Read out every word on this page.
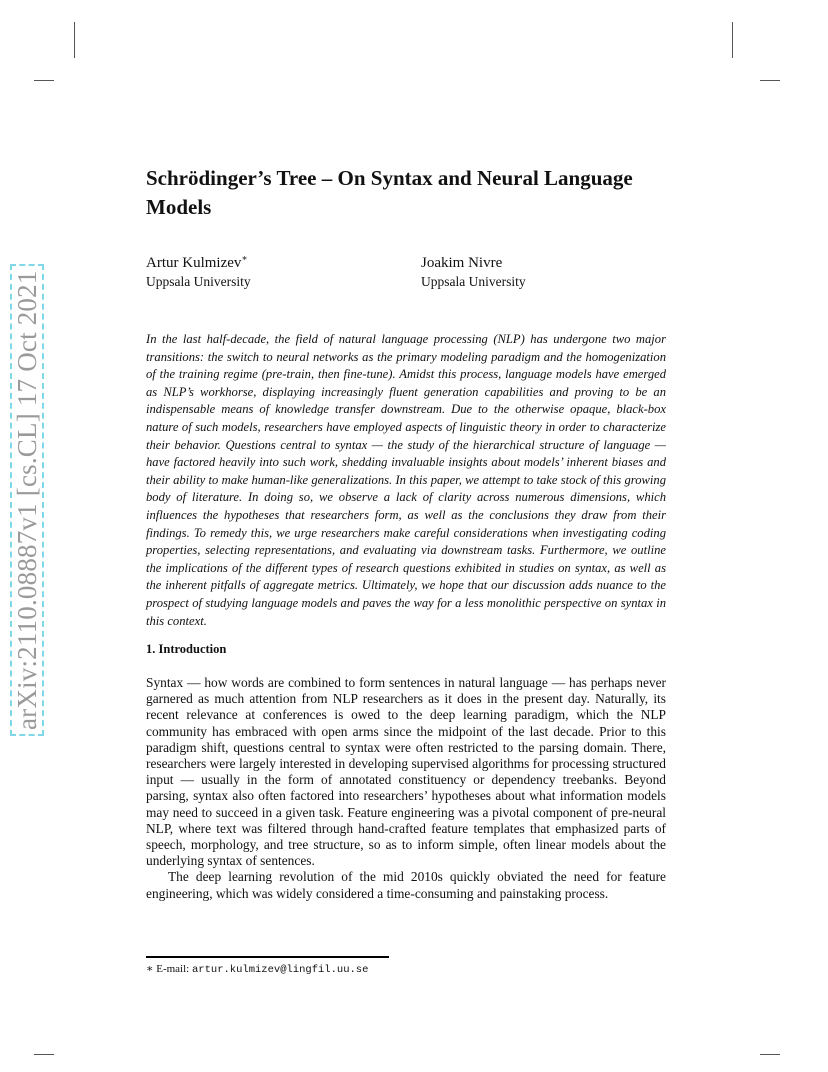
arXiv:2110.08887v1 [cs.CL] 17 Oct 2021
Schrödinger’s Tree – On Syntax and Neural Language Models
Artur Kulmizev∗
Uppsala University
Joakim Nivre
Uppsala University

In the last half-decade, the field of natural language processing (NLP) has undergone two major transitions: the switch to neural networks as the primary modeling paradigm and the homogenization of the training regime (pre-train, then fine-tune). Amidst this process, language models have emerged as NLP’s workhorse, displaying increasingly fluent generation capabilities and proving to be an indispensable means of knowledge transfer downstream. Due to the otherwise opaque, black-box nature of such models, researchers have employed aspects of linguistic theory in order to characterize their behavior. Questions central to syntax — the study of the hierarchical structure of language — have factored heavily into such work, shedding invaluable insights about models’ inherent biases and their ability to make human-like generalizations. In this paper, we attempt to take stock of this growing body of literature. In doing so, we observe a lack of clarity across numerous dimensions, which influences the hypotheses that researchers form, as well as the conclusions they draw from their findings. To remedy this, we urge researchers make careful considerations when investigating coding properties, selecting representations, and evaluating via downstream tasks. Furthermore, we outline the implications of the different types of research questions exhibited in studies on syntax, as well as the inherent pitfalls of aggregate metrics. Ultimately, we hope that our discussion adds nuance to the prospect of studying language models and paves the way for a less monolithic perspective on syntax in this context.

1. Introduction

Syntax — how words are combined to form sentences in natural language — has perhaps never garnered as much attention from NLP researchers as it does in the present day. Naturally, its recent relevance at conferences is owed to the deep learning paradigm, which the NLP community has embraced with open arms since the midpoint of the last decade. Prior to this paradigm shift, questions central to syntax were often restricted to the parsing domain. There, researchers were largely interested in developing supervised algorithms for processing structured input — usually in the form of annotated constituency or dependency treebanks. Beyond parsing, syntax also often factored into researchers’ hypotheses about what information models may need to succeed in a given task. Feature engineering was a pivotal component of pre-neural NLP, where text was filtered through hand-crafted feature templates that emphasized parts of speech, morphology, and tree structure, so as to inform simple, often linear models about the underlying syntax of sentences.

The deep learning revolution of the mid 2010s quickly obviated the need for feature engineering, which was widely considered a time-consuming and painstaking process.

∗ E-mail: artur.kulmizev@lingfil.uu.se
